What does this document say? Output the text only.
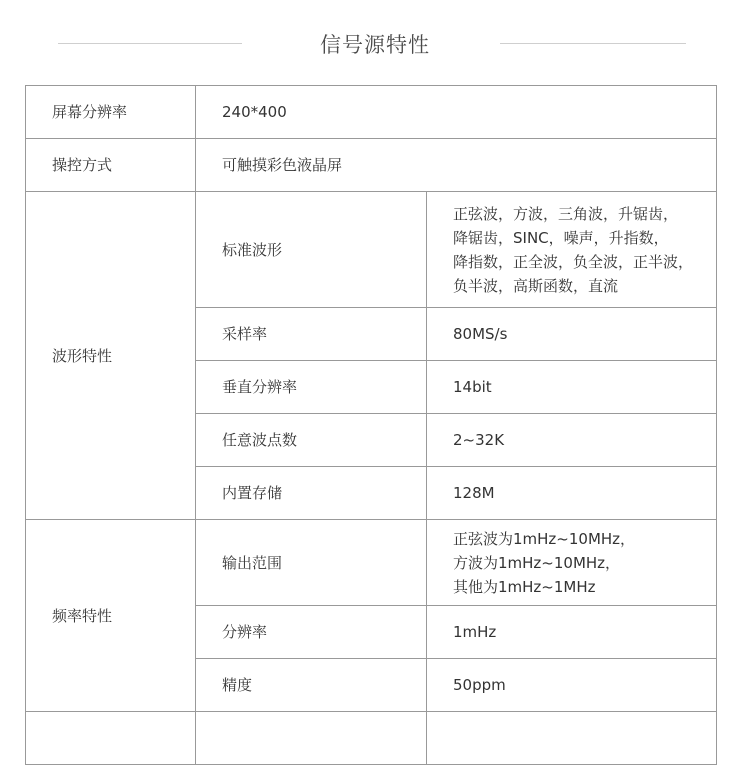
信号源特性
屏幕分辨率	240*400	
操控方式	可触摸彩色液晶屏	
波形特性	标准波形	正弦波，方波，三角波，升锯齿，
降锯齿，SINC，噪声，升指数，
降指数，正全波，负全波，正半波，
负半波，高斯函数，直流

	采样率	80MS/s
	垂直分辨率	14bit
	任意波点数	2~32K
	内置存储	128M
频率特性	输出范围	正弦波为1mHz~10MHz，
方波为1mHz~10MHz，
其他为1mHz~1MHz

	分辨率	1mHz
	精度	50ppm
